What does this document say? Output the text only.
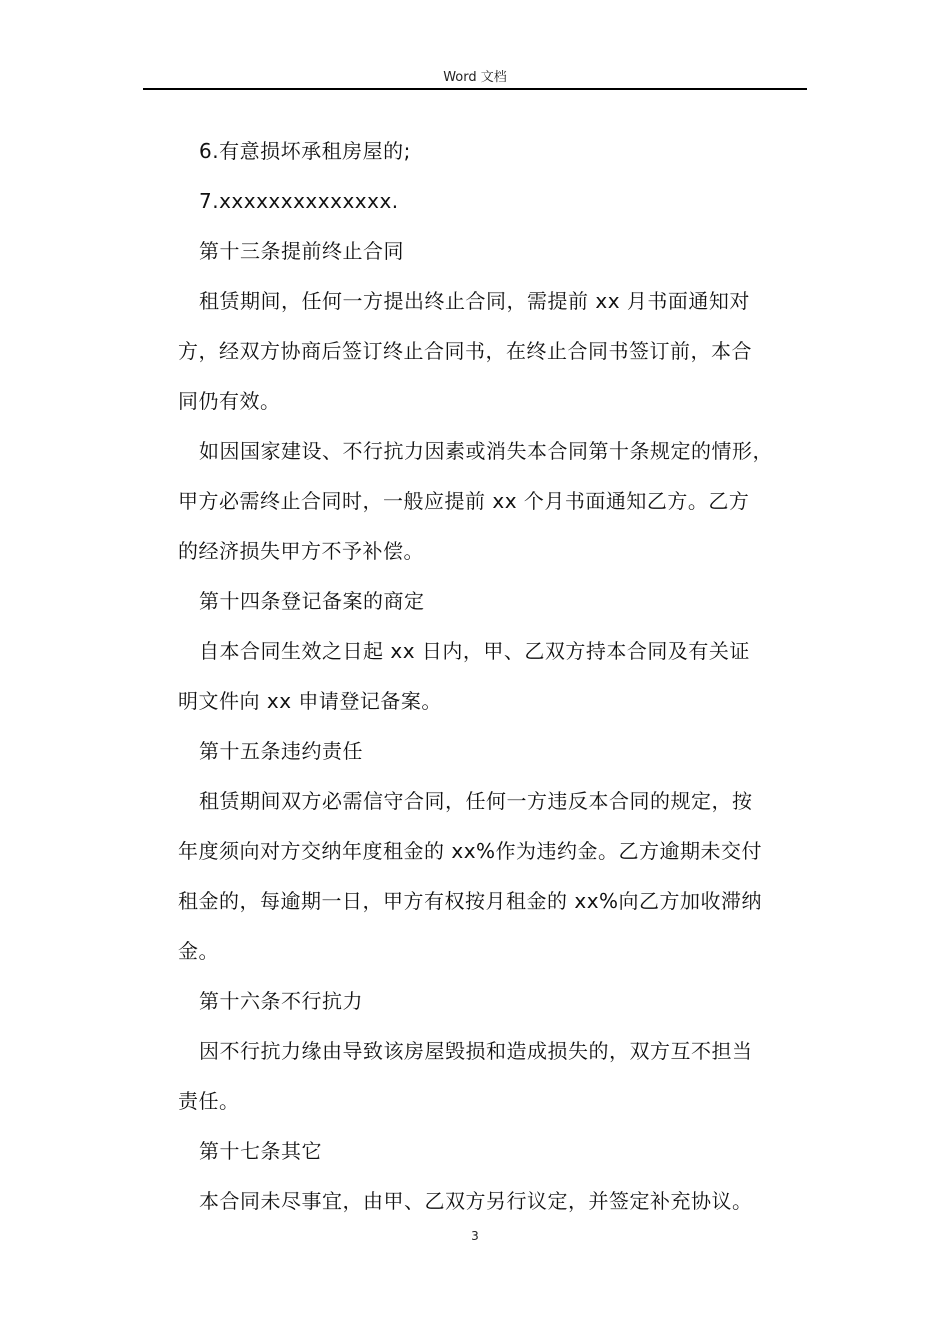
Word 文档

6.有意损坏承租房屋的;

7.xxxxxxxxxxxxxx.

第十三条提前终止合同

租赁期间，任何一方提出终止合同，需提前 xx 月书面通知对
方，经双方协商后签订终止合同书，在终止合同书签订前，本合
同仍有效。

如因国家建设、不行抗力因素或消失本合同第十条规定的情形，
甲方必需终止合同时，一般应提前 xx 个月书面通知乙方。乙方
的经济损失甲方不予补偿。

第十四条登记备案的商定

自本合同生效之日起 xx 日内，甲、乙双方持本合同及有关证
明文件向 xx 申请登记备案。

第十五条违约责任

租赁期间双方必需信守合同，任何一方违反本合同的规定，按
年度须向对方交纳年度租金的 xx%作为违约金。乙方逾期未交付
租金的，每逾期一日，甲方有权按月租金的 xx%向乙方加收滞纳
金。

第十六条不行抗力

因不行抗力缘由导致该房屋毁损和造成损失的，双方互不担当
责任。

第十七条其它

本合同未尽事宜，由甲、乙双方另行议定，并签定补充协议。

3
